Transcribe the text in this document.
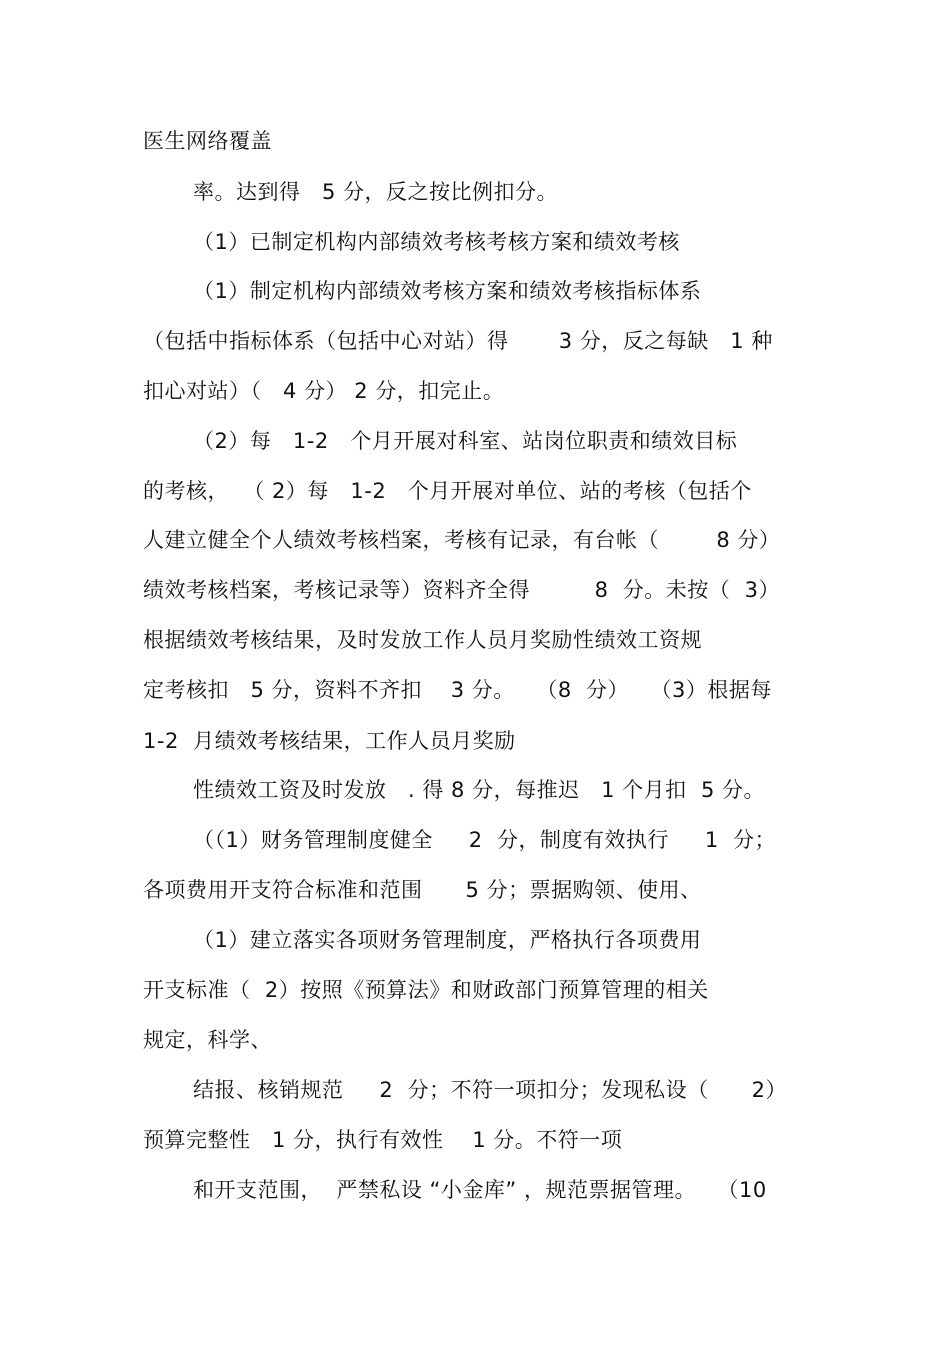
医生网络覆盖
率。达到得   5 分，反之按比例扣分。
（1）已制定机构内部绩效考核考核方案和绩效考核
（1）制定机构内部绩效考核方案和绩效考核指标体系
（包括中指标体系（包括中心对站）得       3 分，反之每缺   1 种
扣心对站）（   4 分） 2 分，扣完止。
（2）每   1-2   个月开展对科室、站岗位职责和绩效目标
的考核，  （ 2）每   1-2   个月开展对单位、站的考核（包括个
人建立健全个人绩效考核档案，考核有记录，有台帐（        8 分）
绩效考核档案，考核记录等）资料齐全得         8  分。未按（  3）
根据绩效考核结果，及时发放工作人员月奖励性绩效工资规
定考核扣   5 分，资料不齐扣    3 分。   （8  分）   （3）根据每
1-2  月绩效考核结果，工作人员月奖励
性绩效工资及时发放   . 得 8 分，每推迟   1 个月扣  5 分。
（（1）财务管理制度健全     2  分，制度有效执行     1  分；
各项费用开支符合标准和范围      5 分；票据购领、使用、
（1）建立落实各项财务管理制度，严格执行各项费用
开支标准（  2）按照《预算法》和财政部门预算管理的相关
规定，科学、
结报、核销规范     2  分；不符一项扣分；发现私设（      2）
预算完整性   1 分，执行有效性    1 分。不符一项
和开支范围，  严禁私设 “小金库” ，规范票据管理。   （10
